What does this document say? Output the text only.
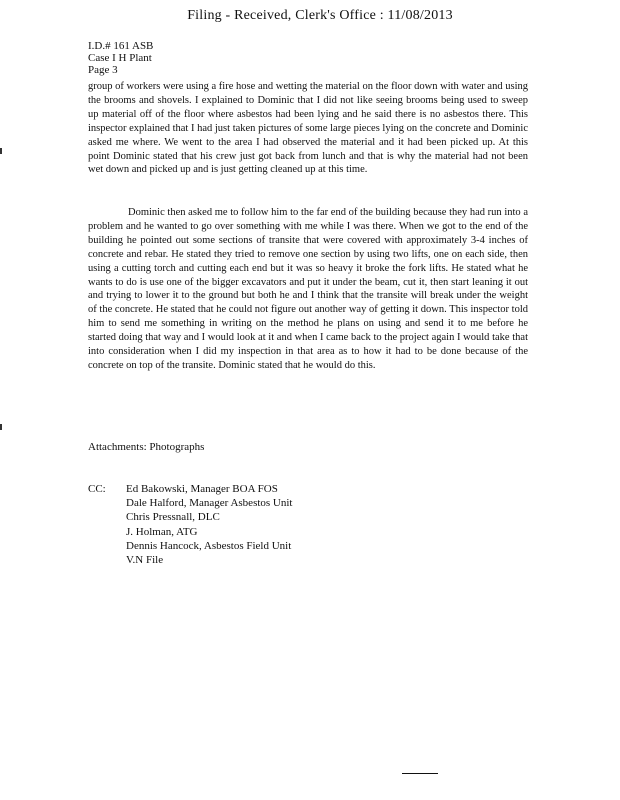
Filing - Received, Clerk's Office : 11/08/2013
I.D.# 161 ASB
Case I H Plant
Page 3

group of workers were using a fire hose and wetting the material on the floor down with water and using the brooms and shovels. I explained to Dominic that I did not like seeing brooms being used to sweep up material off of the floor where asbestos had been lying and he said there is no asbestos there. This inspector explained that I had just taken pictures of some large pieces lying on the concrete and Dominic asked me where. We went to the area I had observed the material and it had been picked up. At this point Dominic stated that his crew just got back from lunch and that is why the material had not been wet down and picked up and is just getting cleaned up at this time.

Dominic then asked me to follow him to the far end of the building because they had run into a problem and he wanted to go over something with me while I was there. When we got to the end of the building he pointed out some sections of transite that were covered with approximately 3-4 inches of concrete and rebar. He stated they tried to remove one section by using two lifts, one on each side, then using a cutting torch and cutting each end but it was so heavy it broke the fork lifts. He stated what he wants to do is use one of the bigger excavators and put it under the beam, cut it, then start leaning it out and trying to lower it to the ground but both he and I think that the transite will break under the weight of the concrete. He stated that he could not figure out another way of getting it down. This inspector told him to send me something in writing on the method he plans on using and send it to me before he started doing that way and I would look at it and when I came back to the project again I would take that into consideration when I did my inspection in that area as to how it had to be done because of the concrete on top of the transite. Dominic stated that he would do this.

Attachments: Photographs
CC: Ed Bakowski, Manager BOA FOS
Dale Halford, Manager Asbestos Unit
Chris Pressnall, DLC
J. Holman, ATG
Dennis Hancock, Asbestos Field Unit
V.N File
